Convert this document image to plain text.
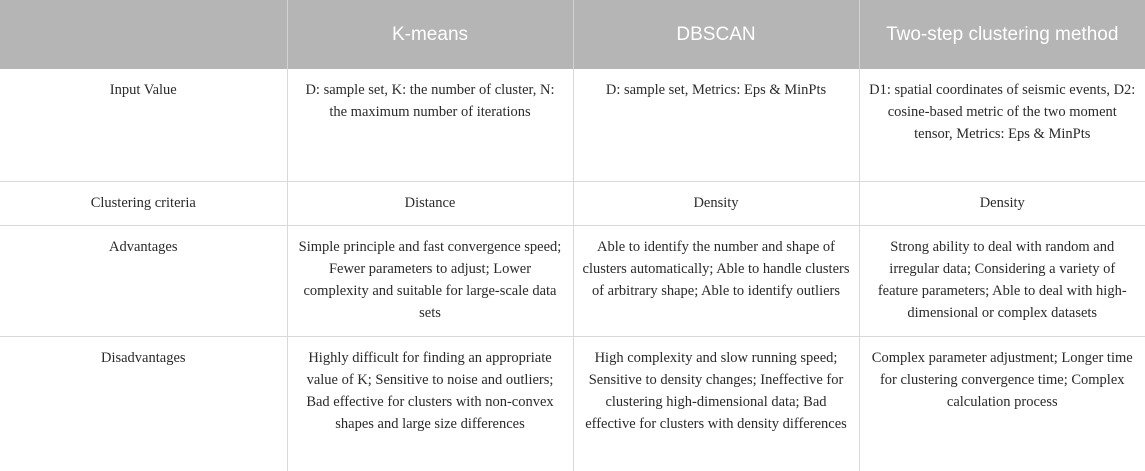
	K-means	DBSCAN	Two-step clustering method
Input Value	D: sample set, K: the number of cluster, N: the maximum number of iterations	D: sample set, Metrics: Eps & MinPts	D1: spatial coordinates of seismic events, D2: cosine-based metric of the two moment tensor, Metrics: Eps & MinPts
Clustering criteria	Distance	Density	Density
Advantages	Simple principle and fast convergence speed; Fewer parameters to adjust; Lower complexity and suitable for large-scale data sets	Able to identify the number and shape of clusters automatically; Able to handle clusters of arbitrary shape; Able to identify outliers	Strong ability to deal with random and irregular data; Considering a variety of feature parameters; Able to deal with high-dimensional or complex datasets
Disadvantages	Highly difficult for finding an appropriate value of K; Sensitive to noise and outliers; Bad effective for clusters with non-convex shapes and large size differences	High complexity and slow running speed; Sensitive to density changes; Ineffective for clustering high-dimensional data; Bad effective for clusters with density differences	Complex parameter adjustment; Longer time for clustering convergence time; Complex calculation process
